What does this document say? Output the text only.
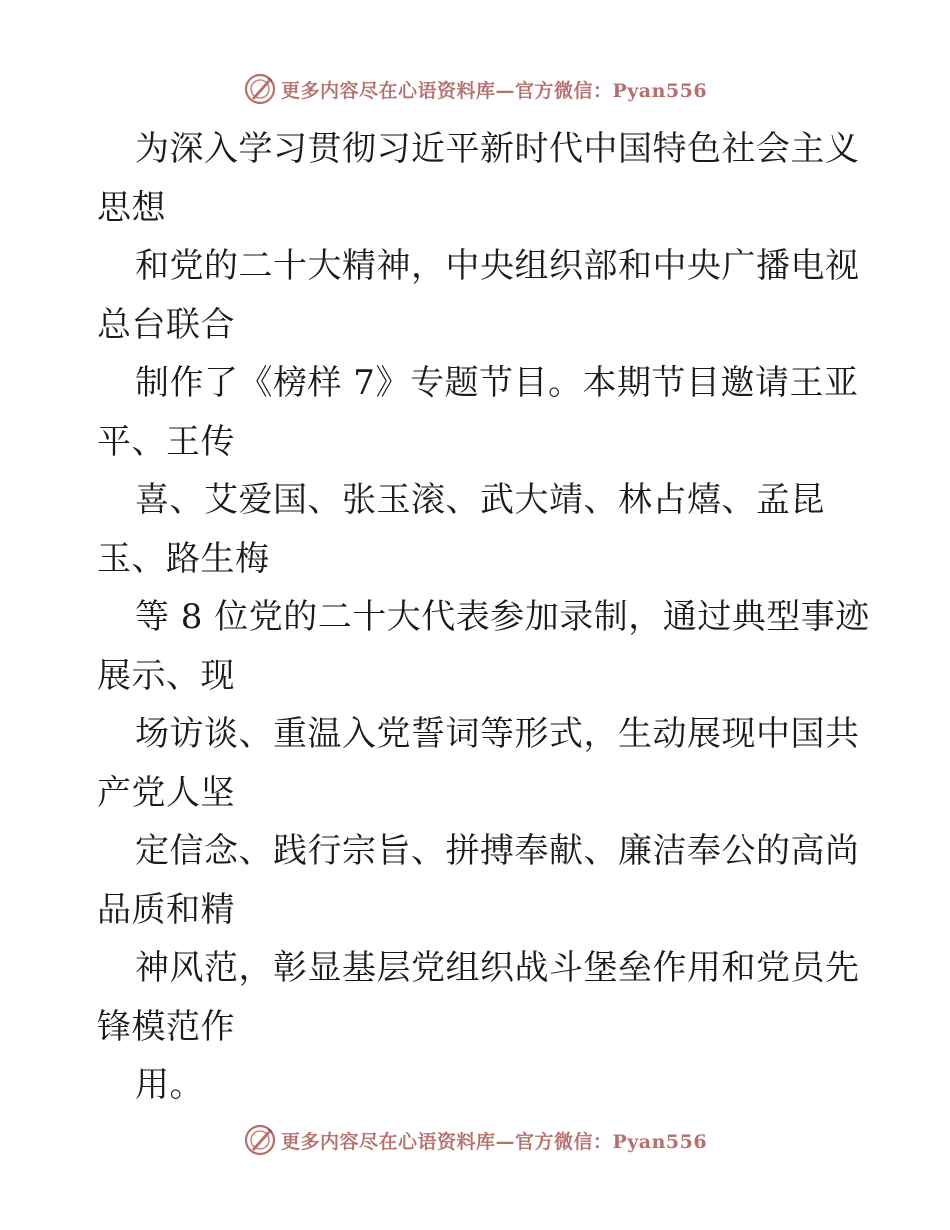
更多内容尽在心语资料库—官方微信：Pyan556
为深入学习贯彻习近平新时代中国特色社会主义
思想
和党的二十大精神，中央组织部和中央广播电视
总台联合
制作了《榜样 7》专题节目。本期节目邀请王亚
平、王传
喜、艾爱国、张玉滚、武大靖、林占熺、孟昆
玉、路生梅
等 8 位党的二十大代表参加录制，通过典型事迹
展示、现
场访谈、重温入党誓词等形式，生动展现中国共
产党人坚
定信念、践行宗旨、拼搏奉献、廉洁奉公的高尚
品质和精
神风范，彰显基层党组织战斗堡垒作用和党员先
锋模范作
用。
更多内容尽在心语资料库—官方微信：Pyan556
